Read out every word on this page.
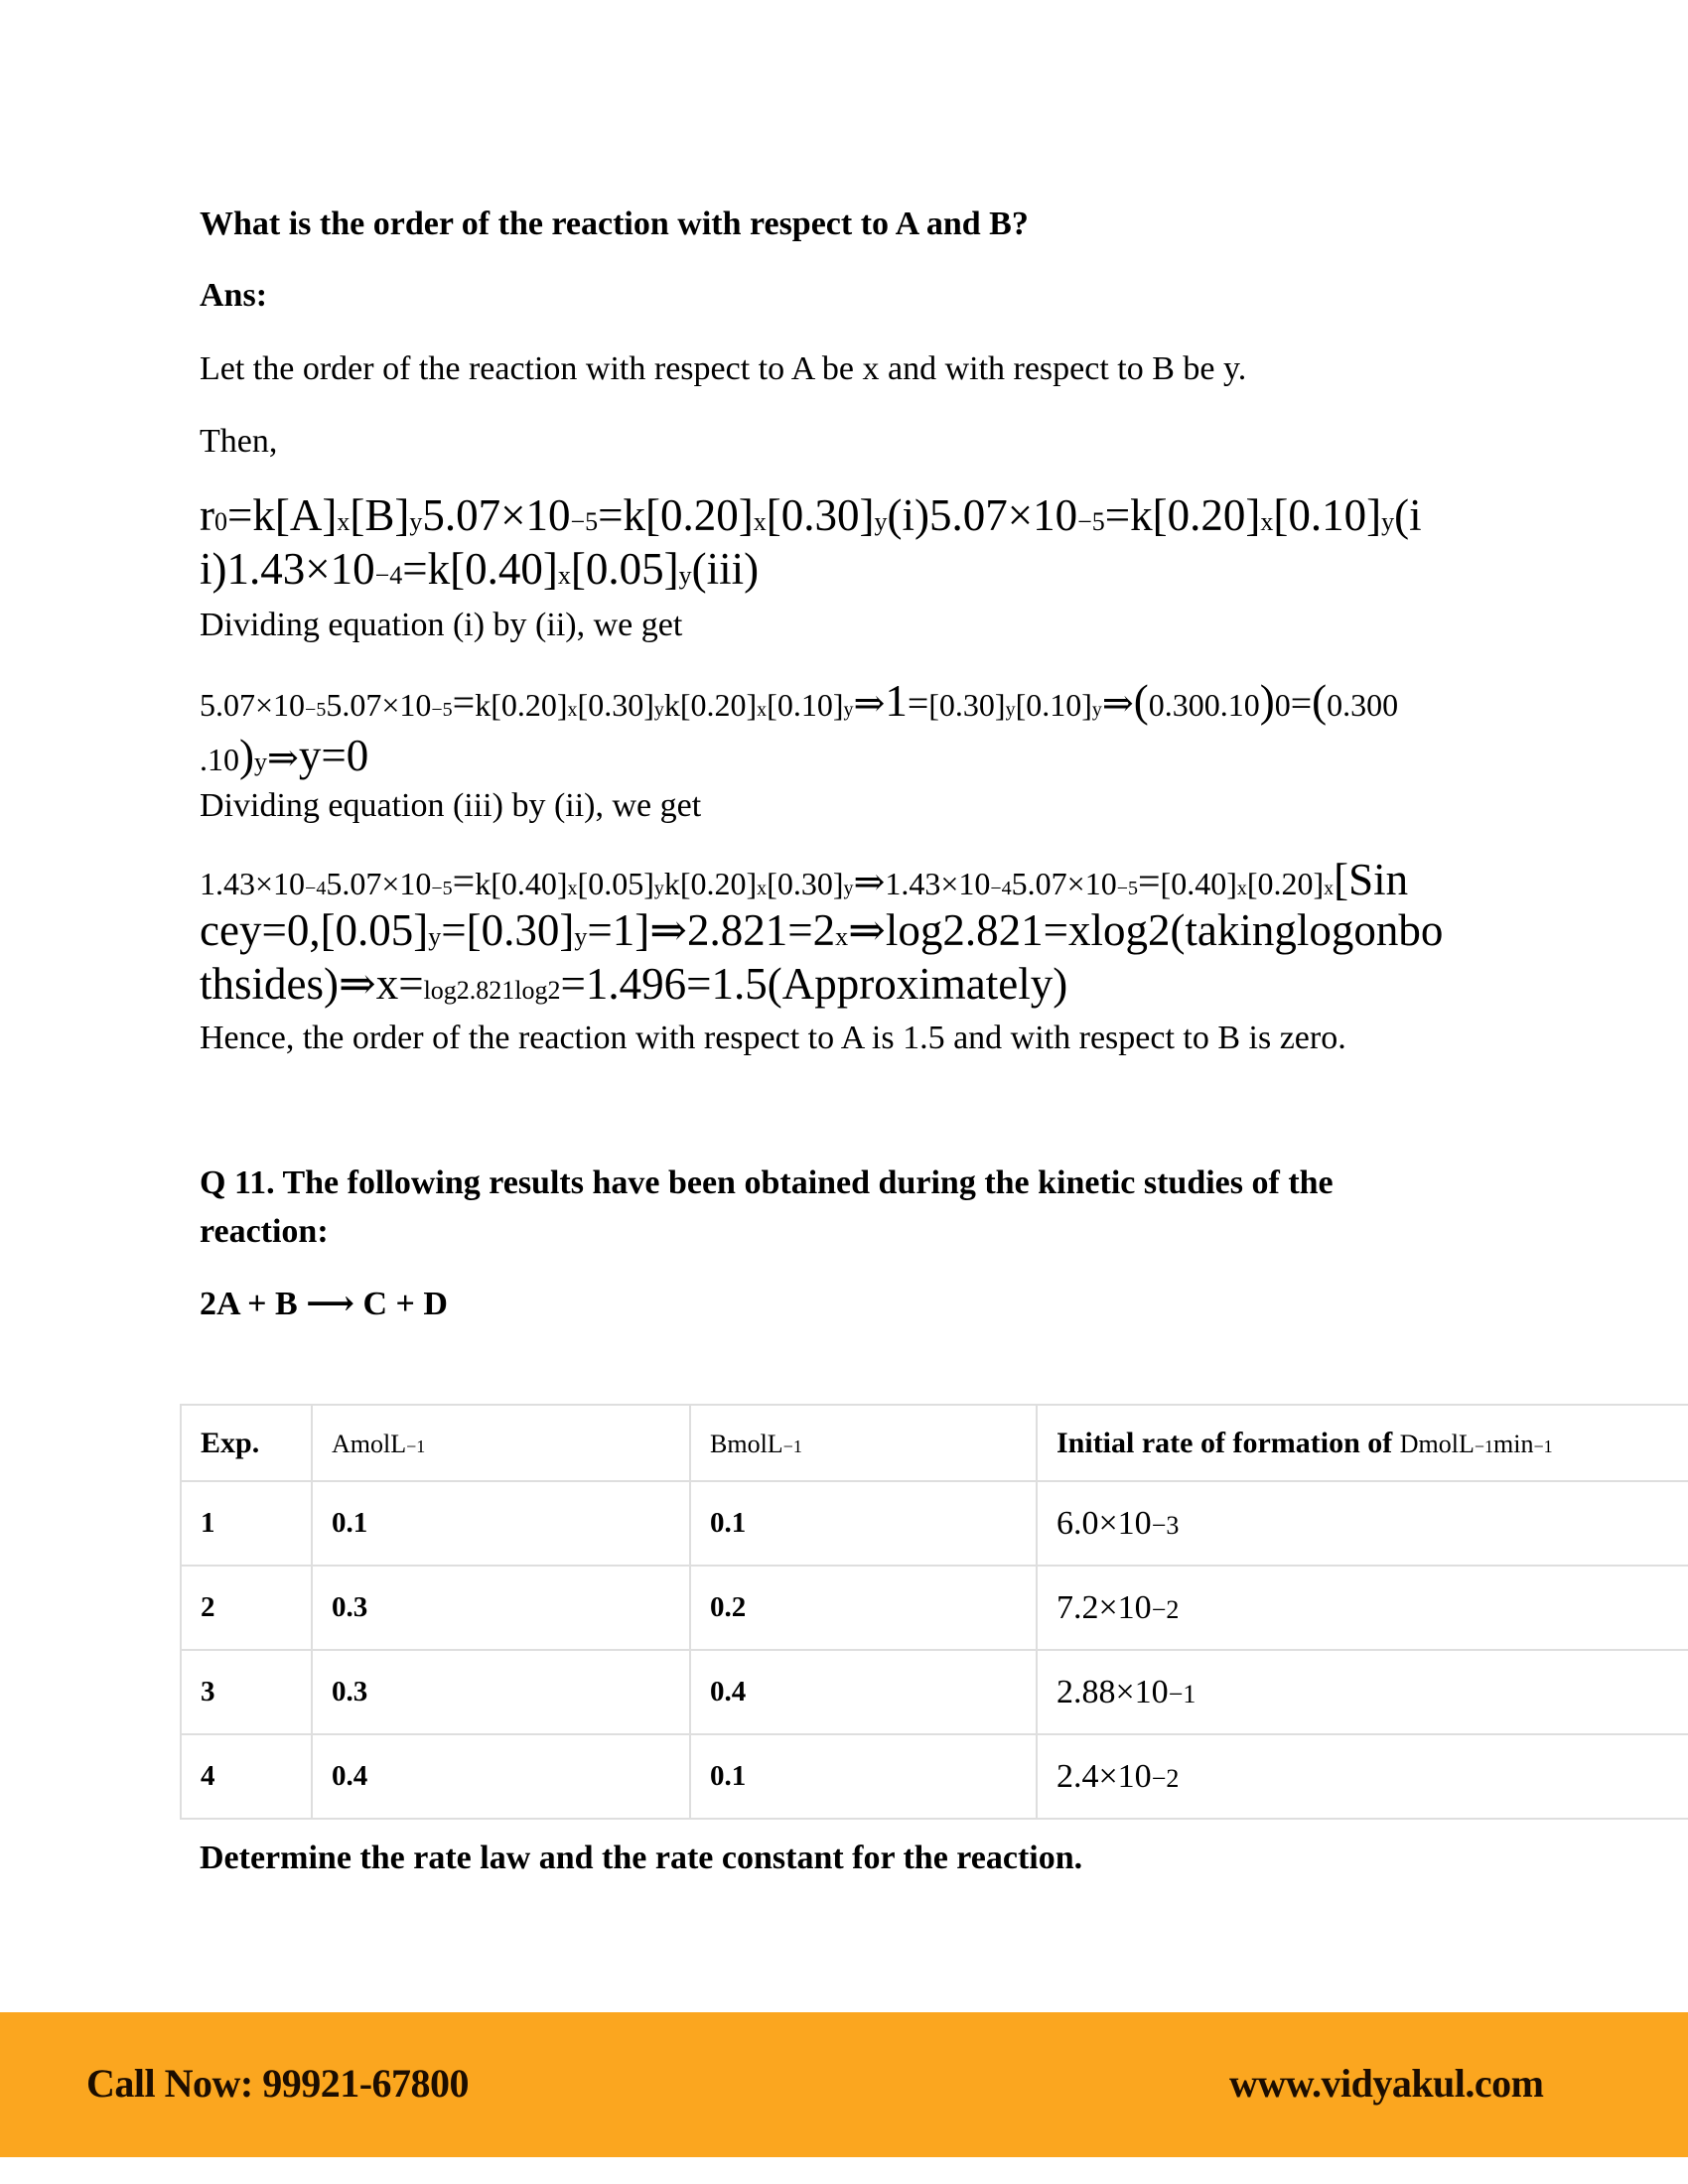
What is the order of the reaction with respect to A and B?
Ans:
Let the order of the reaction with respect to A be x and with respect to B be y.
Then,
r0=k[A]x[B]y5.07×10−5=k[0.20]x[0.30]y(i)5.07×10−5=k[0.20]x[0.10]y(i
i)1.43×10−4=k[0.40]x[0.05]y(iii)
Dividing equation (i) by (ii), we get
5.07×10−55.07×10−5=k[0.20]x[0.30]yk[0.20]x[0.10]y⇒1=[0.30]y[0.10]y⇒(0.300.10)0=(0.300
.10)y⇒y=0
Dividing equation (iii) by (ii), we get
1.43×10−45.07×10−5=k[0.40]x[0.05]yk[0.20]x[0.30]y⇒1.43×10−45.07×10−5=[0.40]x[0.20]x[Sin
cey=0,[0.05]y=[0.30]y=1]⇒2.821=2x⇒log2.821=xlog2(takinglogonbo
thsides)⇒x=log2.821log2=1.496=1.5(Approximately)
Hence, the order of the reaction with respect to A is 1.5 and with respect to B is zero.
Q 11. The following results have been obtained during the kinetic studies of the
reaction:
2A + B ⟶ C + D
Exp.	AmolL−1	BmolL−1	Initial rate of formation of DmolL−1min−1
1	0.1	0.1	6.0×10−3
2	0.3	0.2	7.2×10−2
3	0.3	0.4	2.88×10−1
4	0.4	0.1	2.4×10−2
Determine the rate law and the rate constant for the reaction.
Call Now: 99921-67800	www.vidyakul.com
